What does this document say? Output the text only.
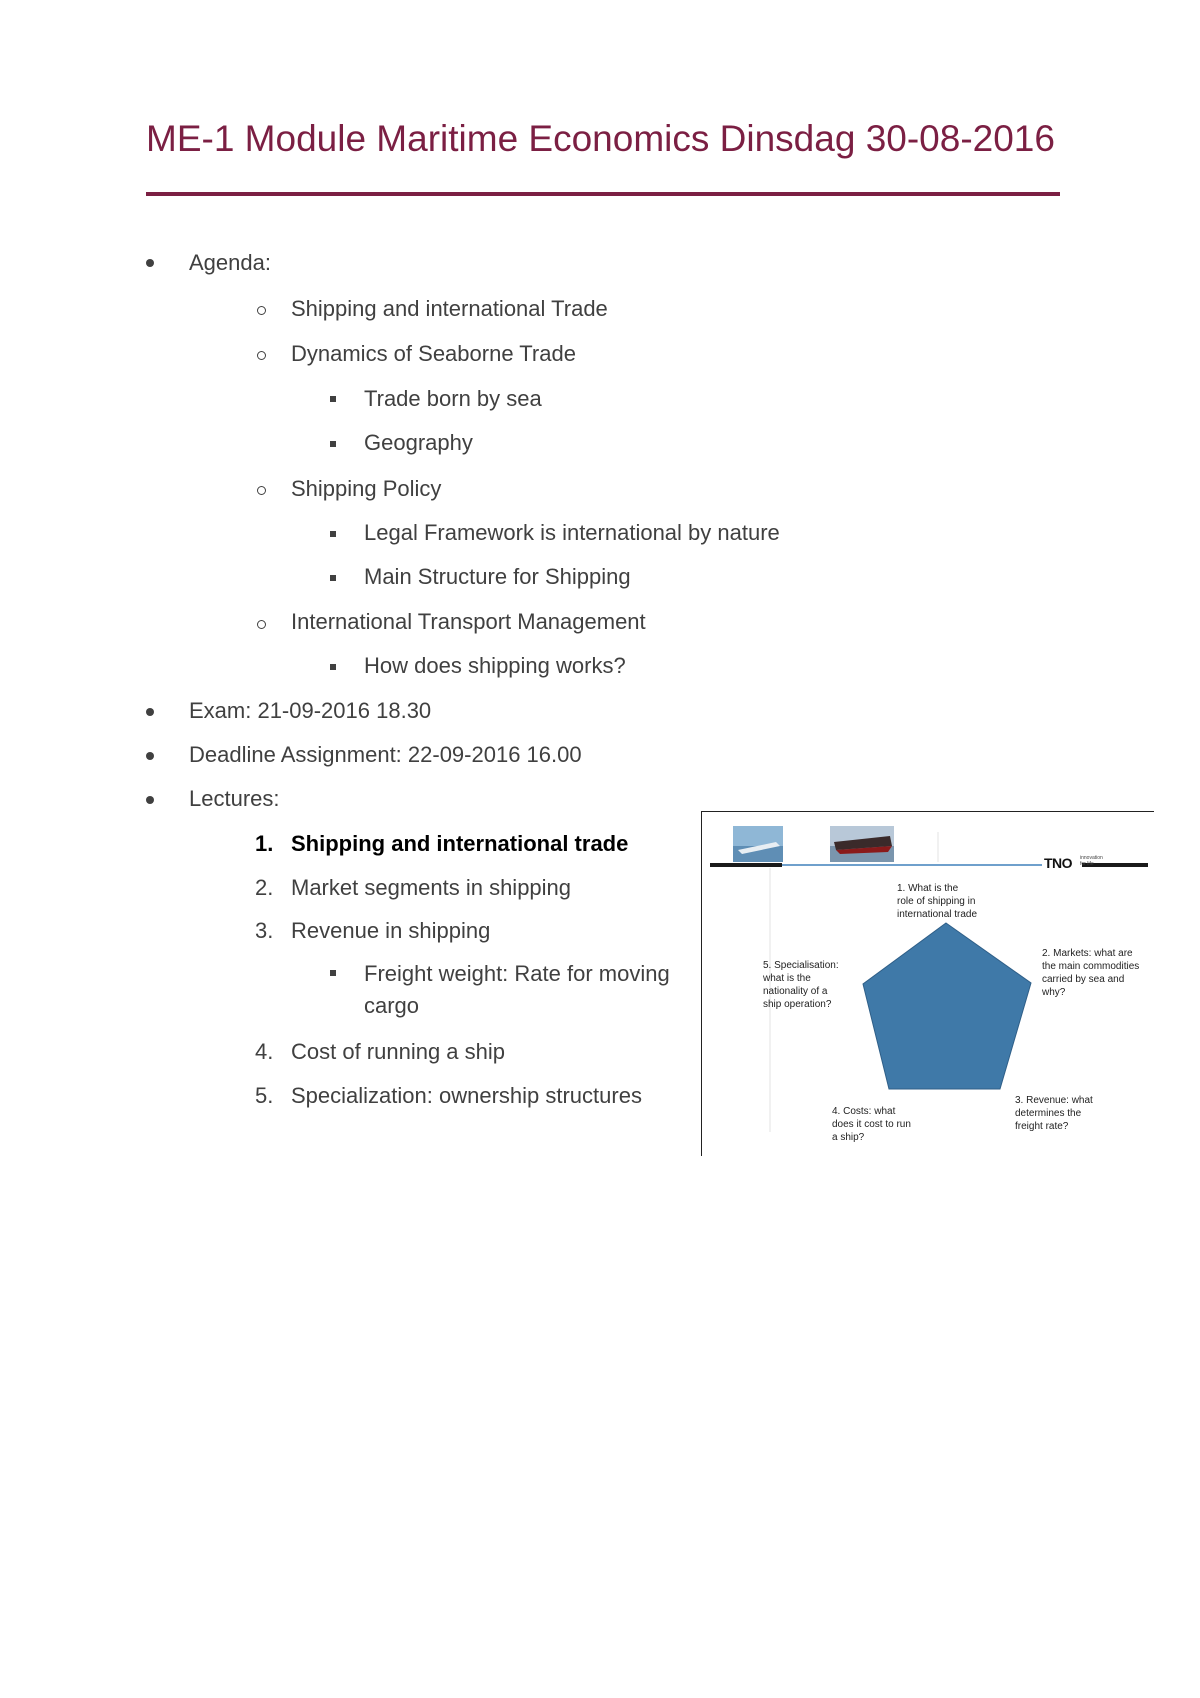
ME-1 Module Maritime Economics Dinsdag 30-08-2016
Agenda:
Shipping and international Trade
Dynamics of Seaborne Trade
Trade born by sea
Geography
Shipping Policy
Legal Framework is international by nature
Main Structure for Shipping
International Transport Management
How does shipping works?
Exam: 21-09-2016 18.30
Deadline Assignment: 22-09-2016 16.00
Lectures:
1. Shipping and international trade
2. Market segments in shipping
3. Revenue in shipping
Freight weight: Rate for moving
cargo
4. Cost of running a ship
5. Specialization: ownership structures
TNO innovation
for life
1. What is the
role of shipping in
international trade
2. Markets: what are
the main commodities
carried by sea and
why?
3. Revenue: what
determines the
freight rate?
4. Costs: what
does it cost to run
a ship?
5. Specialisation:
what is the
nationality of a
ship operation?
